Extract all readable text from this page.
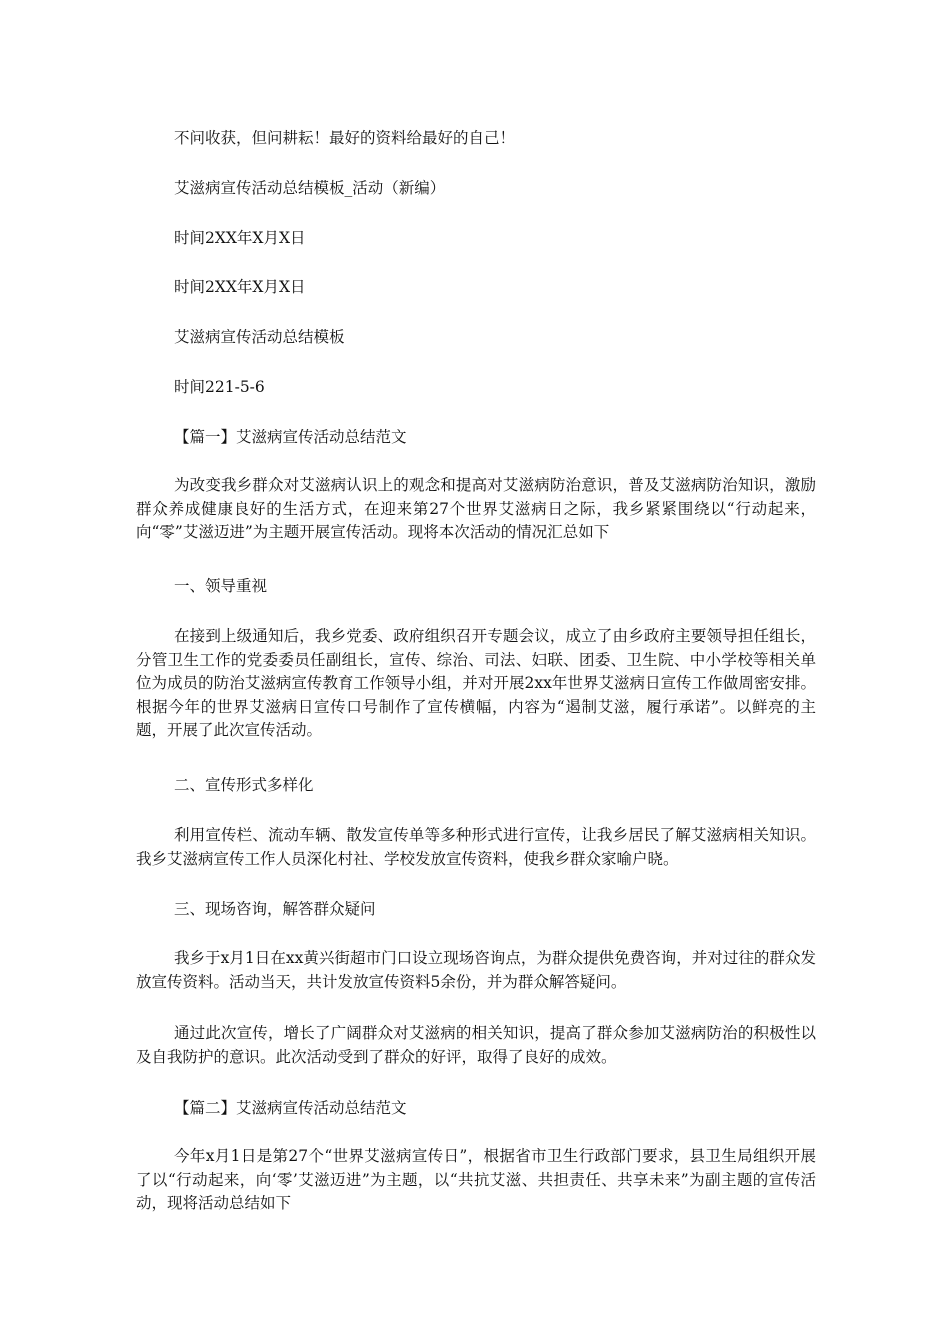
不问收获，但问耕耘！最好的资料给最好的自己！

艾滋病宣传活动总结模板_活动（新编）

时间2XX年X月X日

时间2XX年X月X日

艾滋病宣传活动总结模板

时间221-5-6

【篇一】艾滋病宣传活动总结范文

为改变我乡群众对艾滋病认识上的观念和提高对艾滋病防治意识，普及艾滋病防治知识，激励群众养成健康良好的生活方式，在迎来第27个世界艾滋病日之际，我乡紧紧围绕以“行动起来，向“零”艾滋迈进”为主题开展宣传活动。现将本次活动的情况汇总如下

一、领导重视

在接到上级通知后，我乡党委、政府组织召开专题会议，成立了由乡政府主要领导担任组长，分管卫生工作的党委委员任副组长，宣传、综治、司法、妇联、团委、卫生院、中小学校等相关单位为成员的防治艾滋病宣传教育工作领导小组，并对开展2xx年世界艾滋病日宣传工作做周密安排。根据今年的世界艾滋病日宣传口号制作了宣传横幅，内容为“遏制艾滋，履行承诺”。以鲜亮的主题，开展了此次宣传活动。

二、宣传形式多样化

利用宣传栏、流动车辆、散发宣传单等多种形式进行宣传，让我乡居民了解艾滋病相关知识。我乡艾滋病宣传工作人员深化村社、学校发放宣传资料，使我乡群众家喻户晓。

三、现场咨询，解答群众疑问

我乡于x月1日在xx黄兴街超市门口设立现场咨询点，为群众提供免费咨询，并对过往的群众发放宣传资料。活动当天，共计发放宣传资料5余份，并为群众解答疑问。

通过此次宣传，增长了广阔群众对艾滋病的相关知识，提高了群众参加艾滋病防治的积极性以及自我防护的意识。此次活动受到了群众的好评，取得了良好的成效。

【篇二】艾滋病宣传活动总结范文

今年x月1日是第27个“世界艾滋病宣传日”，根据省市卫生行政部门要求，县卫生局组织开展了以“行动起来，向‘零’艾滋迈进”为主题，以“共抗艾滋、共担责任、共享未来”为副主题的宣传活动，现将活动总结如下
